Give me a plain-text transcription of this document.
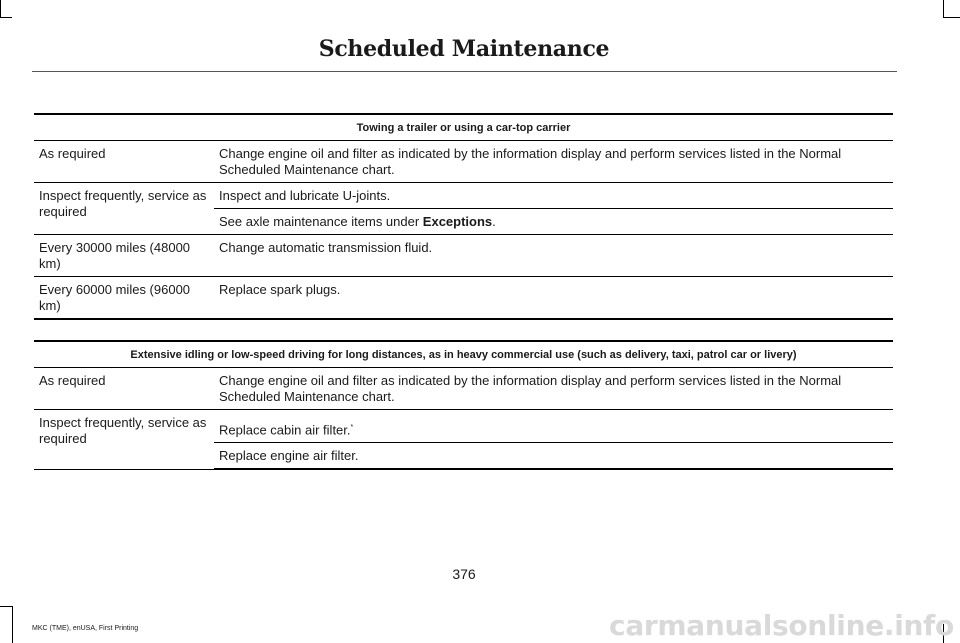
Scheduled Maintenance
Towing a trailer or using a car-top carrier	
As required	Change engine oil and filter as indicated by the information display and perform services listed in the Normal Scheduled Maintenance chart.
Inspect frequently, service as required	Inspect and lubricate U-joints.
	See axle maintenance items under Exceptions.
Every 30000 miles (48000 km)	Change automatic transmission fluid.
Every 60000 miles (96000 km)	Replace spark plugs.
Extensive idling or low-speed driving for long distances, as in heavy commercial use (such as delivery, taxi, patrol car or livery)	
As required	Change engine oil and filter as indicated by the information display and perform services listed in the Normal Scheduled Maintenance chart.
Inspect frequently, service as required	Replace cabin air filter.*
	Replace engine air filter.
376
MKC (TME), enUSA, First Printing	carmanualsonline.info
